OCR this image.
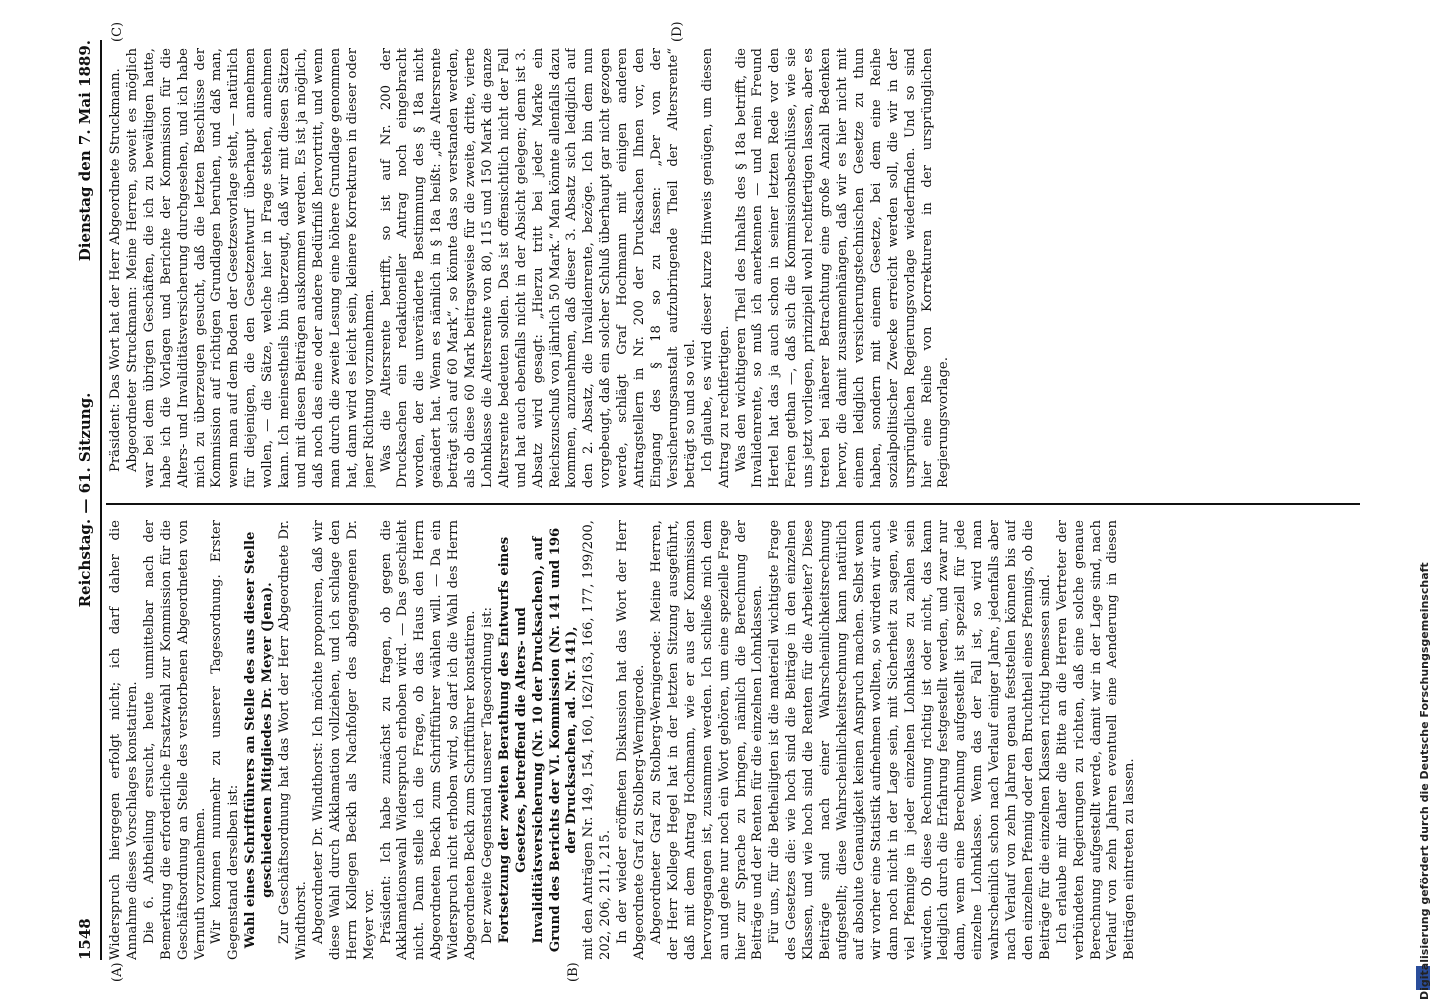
1548
Reichstag. — 61. Sitzung.
Dienstag den 7. Mai 1889.
(A)	(B)
(C)	(D)

Widerspruch hiergegen erfolgt nicht; ich darf daher die Annahme dieses Vorschlages konstatiren. Die 6. Abtheilung ersucht, heute unmittelbar nach der Bemerkung die erforderliche Ersatzwahl zur Kommission für die Geschäftsordnung an Stelle des verstorbenen Abgeordneten von Vernuth vorzunehmen. Wir kommen nunmehr zu unserer Tagesordnung. Erster Gegenstand derselben ist: Wahl eines Schriftführers an Stelle des aus dieser Stelle geschiedenen Mitgliedes Dr. Meyer (Jena). Zur Geschäftsordnung hat das Wort der Herr Abgeordnete Dr. Windthorst. Abgeordneter Dr. Windthorst: Ich möchte proponiren, daß wir diese Wahl durch Akklamation vollziehen, und ich schlage den Herrn Kollegen Beckh als Nachfolger des abgegangenen Dr. Meyer vor. Präsident: Ich habe zunächst zu fragen, ob gegen die Akklamationswahl Widerspruch erhoben wird. — Das geschieht nicht. Dann stelle ich die Frage, ob das Haus den Herrn Abgeordneten Beckh zum Schriftführer wählen will. — Da ein Widerspruch nicht erhoben wird, so darf ich die Wahl des Herrn Abgeordneten Beckh zum Schriftführer konstatiren. Der zweite Gegenstand unserer Tagesordnung ist: Fortsetzung der zweiten Berathung des Entwurfs eines Gesetzes, betreffend die Alters- und Invaliditätsversicherung (Nr. 10 der Drucksachen), auf Grund des Berichts der VI. Kommission (Nr. 141 und 196 der Drucksachen, ad. Nr. 141), mit den Anträgen Nr. 149, 154, 160, 162/163, 166, 177, 199/200, 202, 206, 211, 215. In der wieder eröffneten Diskussion hat das Wort der Herr Abgeordnete Graf zu Stolberg-Wernigerode. Abgeordneter Graf zu Stolberg-Wernigerode: Meine Herren, der Herr Kollege Hegel hat in der letzten Sitzung ausgeführt, daß mit dem Antrag Hochmann, wie er aus der Kommission hervorgegangen ist, zusammen werden. Ich schließe mich dem an und gehe nur noch ein Wort gehören, um eine spezielle Frage hier zur Sprache zu bringen, nämlich die Berechnung der Beiträge und der Renten für die einzelnen Lohnklassen. Für uns, für die Betheiligten ist die materiell wichtigste Frage des Gesetzes die: wie hoch sind die Beiträge in den einzelnen Klassen, und wie hoch sind die Renten für die Arbeiter? Diese Beiträge sind nach einer Wahrscheinlichkeitsrechnung aufgestellt; diese Wahrscheinlichkeitsrechnung kann natürlich auf absolute Genauigkeit keinen Anspruch machen. Selbst wenn wir vorher eine Statistik aufnehmen wollten, so würden wir auch dann noch nicht in der Lage sein, mit Sicherheit zu sagen, wie viel Pfennige in jeder einzelnen Lohnklasse zu zahlen sein würden. Ob diese Rechnung richtig ist oder nicht, das kann lediglich durch die Erfahrung festgestellt werden, und zwar nur dann, wenn eine Berechnung aufgestellt ist speziell für jede einzelne Lohnklasse. Wenn das der Fall ist, so wird man wahrscheinlich schon nach Verlauf einiger Jahre, jedenfalls aber nach Verlauf von zehn Jahren genau feststellen können bis auf den einzelnen Pfennig oder den Bruchtheil eines Pfennigs, ob die Beiträge für die einzelnen Klassen richtig bemessen sind. Ich erlaube mir daher die Bitte an die Herren Vertreter der verbündeten Regierungen zu richten, daß eine solche genaue Berechnung aufgestellt werde, damit wir in der Lage sind, nach Verlauf von zehn Jahren eventuell eine Aenderung in diesen Beiträgen eintreten zu lassen.

Präsident: Das Wort hat der Herr Abgeordnete Struckmann. Abgeordneter Struckmann: Meine Herren, soweit es möglich war bei dem übrigen Geschäften, die ich zu bewältigen hatte, habe ich die Vorlagen und Berichte der Kommission für die Alters- und Invaliditätsversicherung durchgesehen, und ich habe mich zu überzeugen gesucht, daß die letzten Beschlüsse der Kommission auf richtigen Grundlagen beruhen, und daß man, wenn man auf dem Boden der Gesetzesvorlage steht, — natürlich für diejenigen, die den Gesetzentwurf überhaupt annehmen wollen, — die Sätze, welche hier in Frage stehen, annehmen kann. Ich meinestheils bin überzeugt, daß wir mit diesen Sätzen und mit diesen Beiträgen auskommen werden. Es ist ja möglich, daß noch das eine oder andere Bedürfniß hervortritt, und wenn man durch die zweite Lesung eine höhere Grundlage genommen hat, dann wird es leicht sein, kleinere Korrekturen in dieser oder jener Richtung vorzunehmen. Was die Altersrente betrifft, so ist auf Nr. 200 der Drucksachen ein redaktioneller Antrag noch eingebracht worden, der die unveränderte Bestimmung des § 18a nicht geändert hat. Wenn es nämlich in § 18a heißt: „die Altersrente beträgt sich auf 60 Mark“, so könnte das so verstanden werden, als ob diese 60 Mark beitragsweise für die zweite, dritte, vierte Lohnklasse die Altersrente von 80, 115 und 150 Mark die ganze Altersrente bedeuten sollen. Das ist offensichtlich nicht der Fall und hat auch ebenfalls nicht in der Absicht gelegen; denn ist 3. Absatz wird gesagt: „Hierzu tritt bei jeder Marke ein Reichszuschuß von jährlich 50 Mark.“ Man könnte allenfalls dazu kommen, anzunehmen, daß dieser 3. Absatz sich lediglich auf den 2. Absatz, die Invalidenrente, bezöge. Ich bin dem nun vorgebeugt, daß ein solcher Schluß überhaupt gar nicht gezogen werde, schlägt Graf Hochmann mit einigen anderen Antragstellern in Nr. 200 der Drucksachen Ihnen vor, den Eingang des § 18 so zu fassen: „Der von der Versicherungsanstalt aufzubringende Theil der Altersrente“ beträgt so und so viel. Ich glaube, es wird dieser kurze Hinweis genügen, um diesen Antrag zu rechtfertigen. Was den wichtigeren Theil des Inhalts des § 18a betrifft, die Invalidenrente, so muß ich anerkennen — und mein Freund Hertel hat das ja auch schon in seiner letzten Rede vor den Ferien gethan —, daß sich die Kommissionsbeschlüsse, wie sie uns jetzt vorliegen, prinzipiell wohl rechtfertigen lassen, aber es treten bei näherer Betrachtung eine große Anzahl Bedenken hervor, die damit zusammenhängen, daß wir es hier nicht mit einem lediglich versicherungstechnischen Gesetze zu thun haben, sondern mit einem Gesetze, bei dem eine Reihe sozialpolitischer Zwecke erreicht werden soll, die wir in der ursprünglichen Regierungsvorlage wiederfinden. Und so sind hier eine Reihe von Korrekturen in der ursprünglichen Regierungsvorlage.

Digitalisierung gefördert durch die Deutsche Forschungsgemeinschaft
